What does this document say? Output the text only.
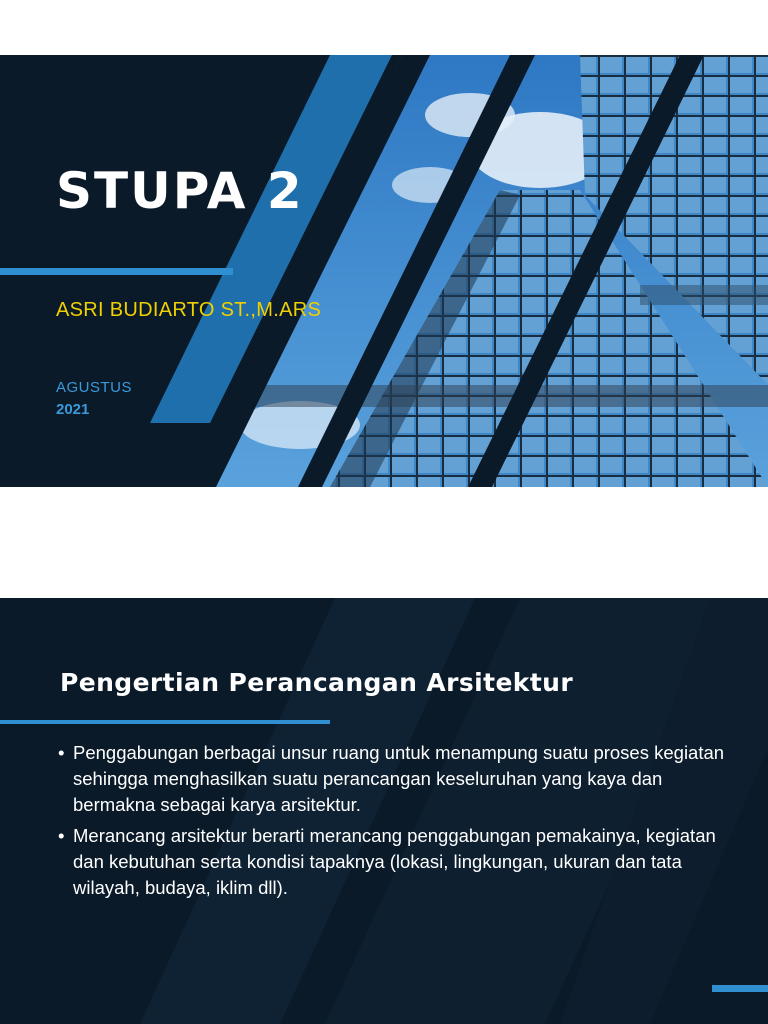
STUPA 2
ASRI BUDIARTO ST.,M.ARS
AGUSTUS
2021
Pengertian Perancangan Arsitektur
• Penggabungan berbagai unsur ruang untuk menampung suatu proses kegiatan sehingga menghasilkan suatu perancangan keseluruhan yang kaya dan bermakna sebagai karya arsitektur.
• Merancang arsitektur berarti merancang penggabungan pemakainya, kegiatan dan kebutuhan serta kondisi tapaknya (lokasi, lingkungan, ukuran dan tata wilayah, budaya, iklim dll).
